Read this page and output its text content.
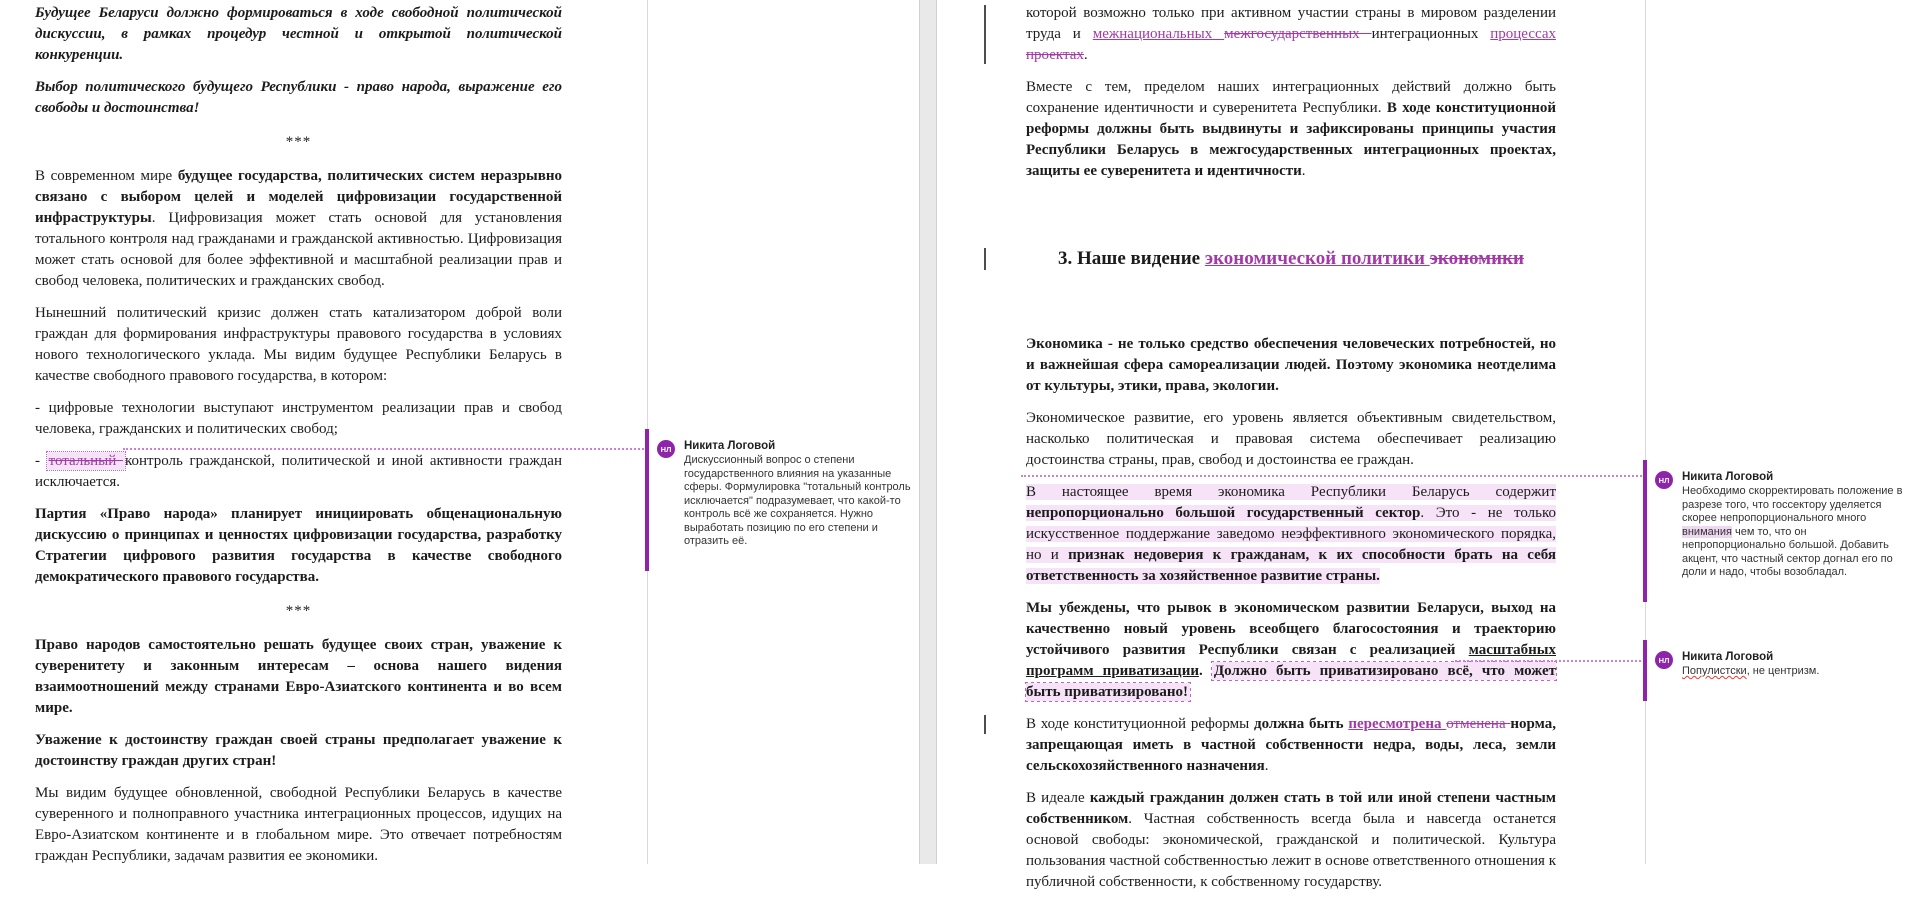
Будущее Беларуси должно формироваться в ходе свободной политической дискуссии, в рамках процедур честной и открытой политической конкуренции.
Выбор политического будущего Республики - право народа, выражение его свободы и достоинства!
***
В современном мире будущее государства, политических систем неразрывно связано с выбором целей и моделей цифровизации государственной инфраструктуры. Цифровизация может стать основой для установления тотального контроля над гражданами и гражданской активностью. Цифровизация может стать основой для более эффективной и масштабной реализации прав и свобод человека, политических и гражданских свобод.
Нынешний политический кризис должен стать катализатором доброй воли граждан для формирования инфраструктуры правового государства в условиях нового технологического уклада. Мы видим будущее Республики Беларусь в качестве свободного правового государства, в котором:
- цифровые технологии выступают инструментом реализации прав и свобод человека, гражданских и политических свобод;
- тотальный контроль гражданской, политической и иной активности граждан исключается.
Партия «Право народа» планирует инициировать общенациональную дискуссию о принципах и ценностях цифровизации государства, разработку Стратегии цифрового развития государства в качестве свободного демократического правового государства.
***
Право народов самостоятельно решать будущее своих стран, уважение к суверенитету и законным интересам – основа нашего видения взаимоотношений между странами Евро-Азиатского континента и во всем мире.
Уважение к достоинству граждан своей страны предполагает уважение к достоинству граждан других стран!
Мы видим будущее обновленной, свободной Республики Беларусь в качестве суверенного и полноправного участника интеграционных процессов, идущих на Евро-Азиатском континенте и в глобальном мире. Это отвечает потребностям граждан Республики, задачам развития ее экономики.
НЛ	Никита Логовой
Дискуссионный вопрос о степени государственного влияния на указанные сферы. Формулировка "тотальный контроль исключается" подразумевает, что какой-то контроль всё же сохраняется. Нужно выработать позицию по его степени и отразить её.
которой возможно только при активном участии страны в мировом разделении труда и межнациональных межгосударственных интеграционных процессах проектах.
Вместе с тем, пределом наших интеграционных действий должно быть сохранение идентичности и суверенитета Республики. В ходе конституционной реформы должны быть выдвинуты и зафиксированы принципы участия Республики Беларусь в межгосударственных интеграционных проектах, защиты ее суверенитета и идентичности.
3. Наше видение экономической политики экономики
Экономика - не только средство обеспечения человеческих потребностей, но и важнейшая сфера самореализации людей. Поэтому экономика неотделима от культуры, этики, права, экологии.
Экономическое развитие, его уровень является объективным свидетельством, насколько политическая и правовая система обеспечивает реализацию достоинства страны, прав, свобод и достоинства ее граждан.
В настоящее время экономика Республики Беларусь содержит непропорционально большой государственный сектор. Это - не только искусственное поддержание заведомо неэффективного экономического порядка, но и признак недоверия к гражданам, к их способности брать на себя ответственность за хозяйственное развитие страны.
Мы убеждены, что рывок в экономическом развитии Беларуси, выход на качественно новый уровень всеобщего благосостояния и траекторию устойчивого развития Республики связан с реализацией масштабных программ приватизации. Должно быть приватизировано всё, что может быть приватизировано!
В ходе конституционной реформы должна быть пересмотрена отменена норма, запрещающая иметь в частной собственности недра, воды, леса, земли сельскохозяйственного назначения.
В идеале каждый гражданин должен стать в той или иной степени частным собственником. Частная собственность всегда была и навсегда останется основой свободы: экономической, гражданской и политической. Культура пользования частной собственностью лежит в основе ответственного отношения к публичной собственности, к собственному государству.
НЛ	Никита Логовой
Необходимо скорректировать положение в разрезе того, что госсектору уделяется скорее непропорционального много внимания чем то, что он непропорционально большой. Добавить акцент, что частный сектор догнал его по доли и надо, чтобы возобладал.
НЛ	Никита Логовой
Популистски, не центризм.
